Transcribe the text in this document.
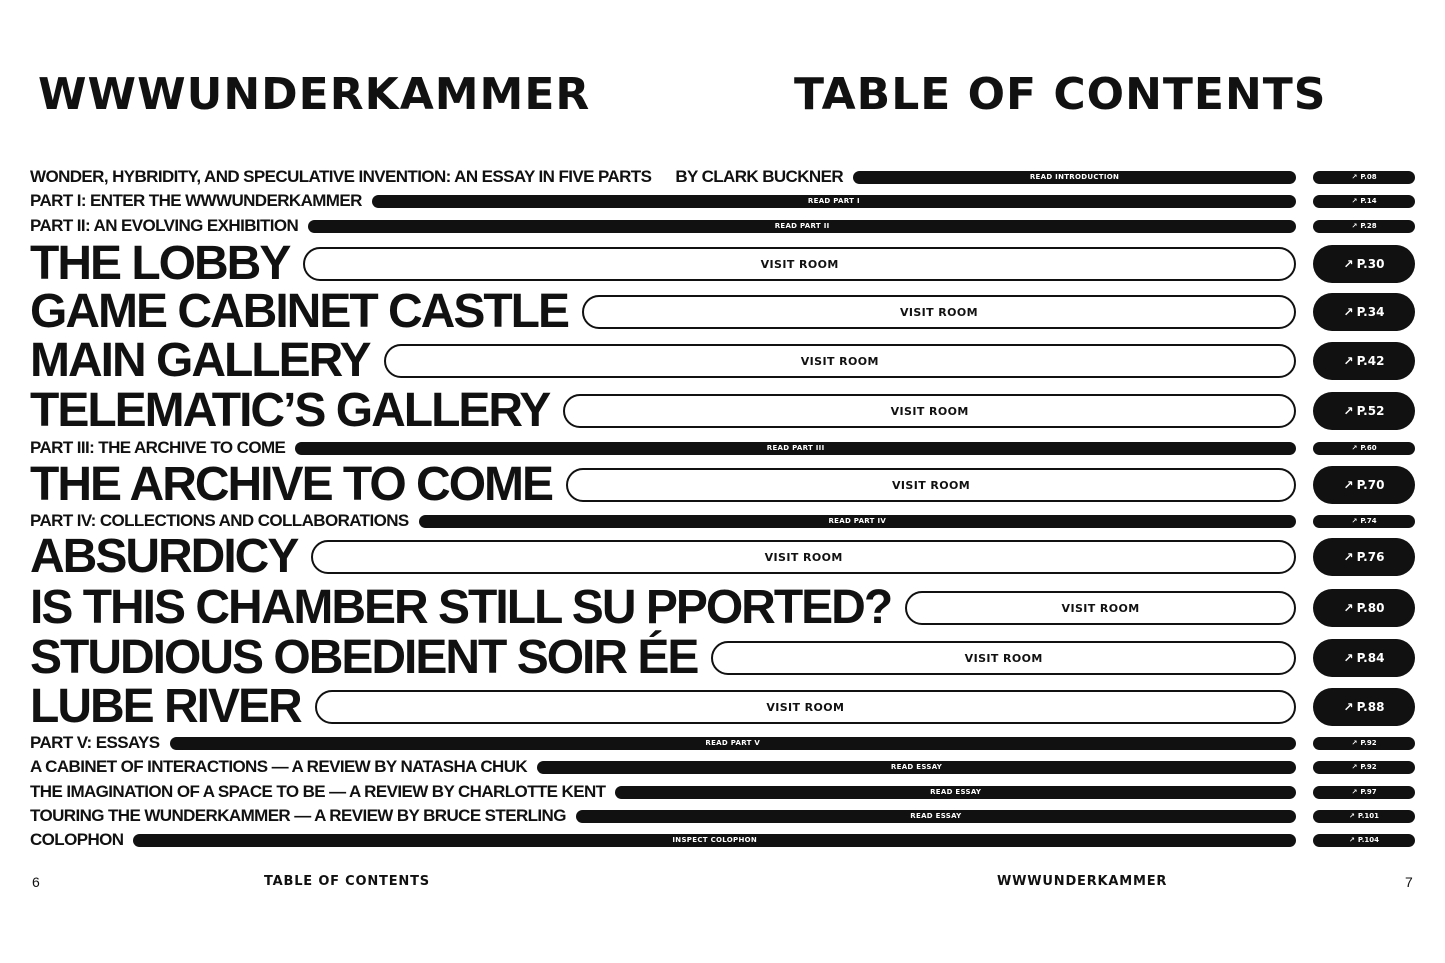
WWWUNDERKAMMER	TABLE OF CONTENTS
WONDER, HYBRIDITY, AND SPECULATIVE INVENTION: AN ESSAY IN FIVE PARTS BY CLARK BUCKNER	READ INTRODUCTION	↗ P.08
PART I: ENTER THE WWWUNDERKAMMER	READ PART I	↗ P.14
PART II: AN EVOLVING EXHIBITION	READ PART II	↗ P.28
THE LOBBY	VISIT ROOM	↗ P.30
GAME CABINET CASTLE	VISIT ROOM	↗ P.34
MAIN GALLERY	VISIT ROOM	↗ P.42
TELEMATIC’S GALLERY	VISIT ROOM	↗ P.52
PART III: THE ARCHIVE TO COME	READ PART III	↗ P.60
THE ARCHIVE TO COME	VISIT ROOM	↗ P.70
PART IV: COLLECTIONS AND COLLABORATIONS	READ PART IV	↗ P.74
ABSURDICY	VISIT ROOM	↗ P.76
IS THIS CHAMBER STILL SU PPORTED?	VISIT ROOM	↗ P.80
STUDIOUS OBEDIENT SOIR ÉE	VISIT ROOM	↗ P.84
LUBE RIVER	VISIT ROOM	↗ P.88
PART V: ESSAYS	READ PART V	↗ P.92
A CABINET OF INTERACTIONS — A REVIEW BY NATASHA CHUK	READ ESSAY	↗ P.92
THE IMAGINATION OF A SPACE TO BE — A REVIEW BY CHARLOTTE KENT	READ ESSAY	↗ P.97
TOURING THE WUNDERKAMMER — A REVIEW BY BRUCE STERLING	READ ESSAY	↗ P.101
COLOPHON	INSPECT COLOPHON	↗ P.104
6	TABLE OF CONTENTS	WWWUNDERKAMMER	7
